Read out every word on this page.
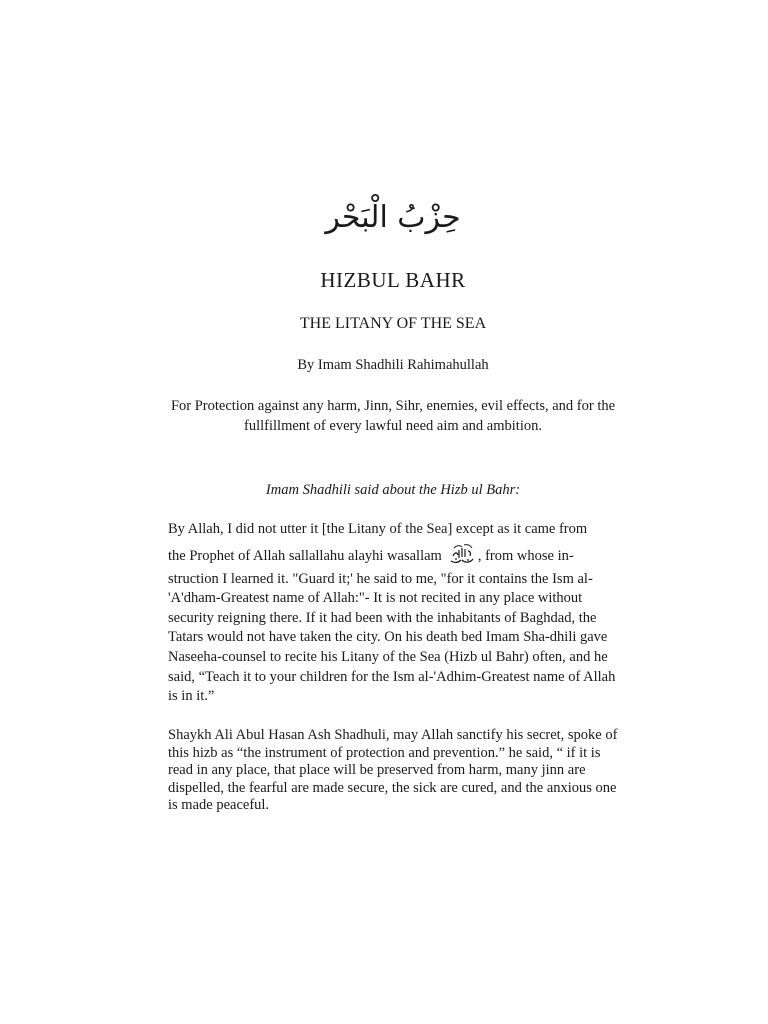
حِزْبُ الْبَحْر
HIZBUL BAHR
THE LITANY OF THE SEA
By Imam Shadhili Rahimahullah
For Protection against any harm, Jinn, Sihr, enemies, evil effects, and for the fullfillment of every lawful need aim and ambition.
Imam Shadhili said about the Hizb ul Bahr:
By Allah, I did not utter it [the Litany of the Sea] except as it came from
the Prophet of Allah sallallahu alayhi wasallam , from whose in-
struction I learned it. "Guard it;' he said to me, "for it contains the Ism al-'A'dham-Greatest name of Allah:"- It is not recited in any place without security reigning there. If it had been with the inhabitants of Baghdad, the Tatars would not have taken the city. On his death bed Imam Sha-dhili gave Naseeha-counsel to recite his Litany of the Sea (Hizb ul Bahr) often, and he said, “Teach it to your children for the Ism al-'Adhim-Greatest name of Allah is in it.”
Shaykh Ali Abul Hasan Ash Shadhuli, may Allah sanctify his secret, spoke of this hizb as “the instrument of protection and prevention.” he said, “ if it is read in any place, that place will be preserved from harm, many jinn are dispelled, the fearful are made secure, the sick are cured, and the anxious one is made peaceful.
